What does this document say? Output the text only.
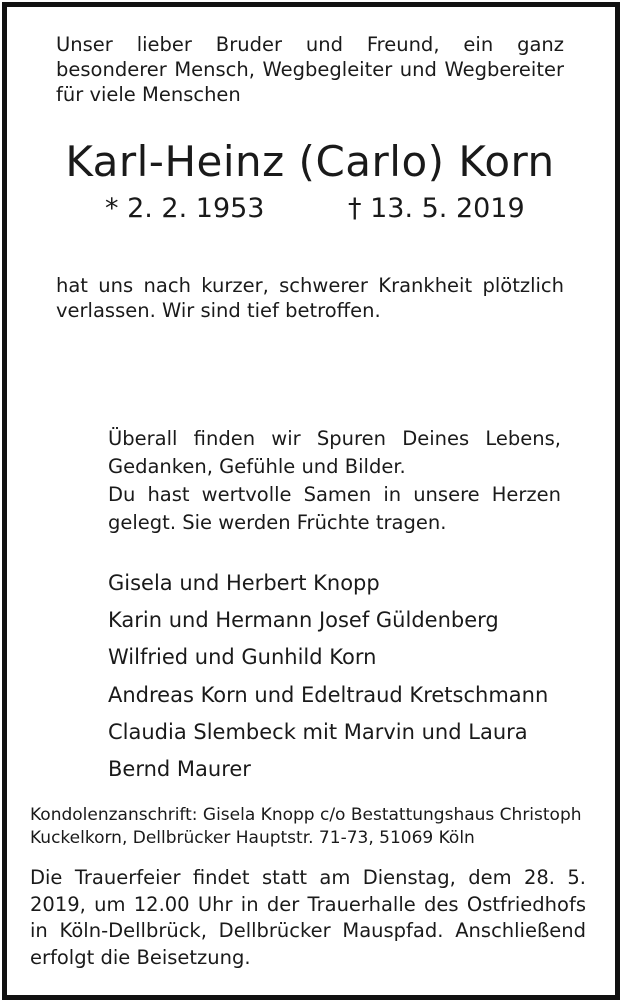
Unser lieber Bruder und Freund, ein ganz besonderer Mensch, Wegbegleiter und Wegbereiter für viele Menschen

Karl-Heinz (Carlo) Korn
* 2. 2. 1953	† 13. 5. 2019

hat uns nach kurzer, schwerer Krankheit plötzlich verlassen. Wir sind tief betroffen.

Überall finden wir Spuren Deines Lebens,
Gedanken, Gefühle und Bilder.
Du hast wertvolle Samen in unsere Herzen
gelegt. Sie werden Früchte tragen.
Gisela und Herbert Knopp
Karin und Hermann Josef Güldenberg
Wilfried und Gunhild Korn
Andreas Korn und Edeltraud Kretschmann
Claudia Slembeck mit Marvin und Laura
Bernd Maurer

Kondolenzanschrift: Gisela Knopp c/o Bestattungshaus Christoph Kuckelkorn, Dellbrücker Hauptstr. 71-73, 51069 Köln

Die Trauerfeier findet statt am Dienstag, dem 28. 5. 2019, um 12.00 Uhr in der Trauerhalle des Ostfriedhofs in Köln-Dellbrück, Dellbrücker Mauspfad. Anschließend erfolgt die Beisetzung.
